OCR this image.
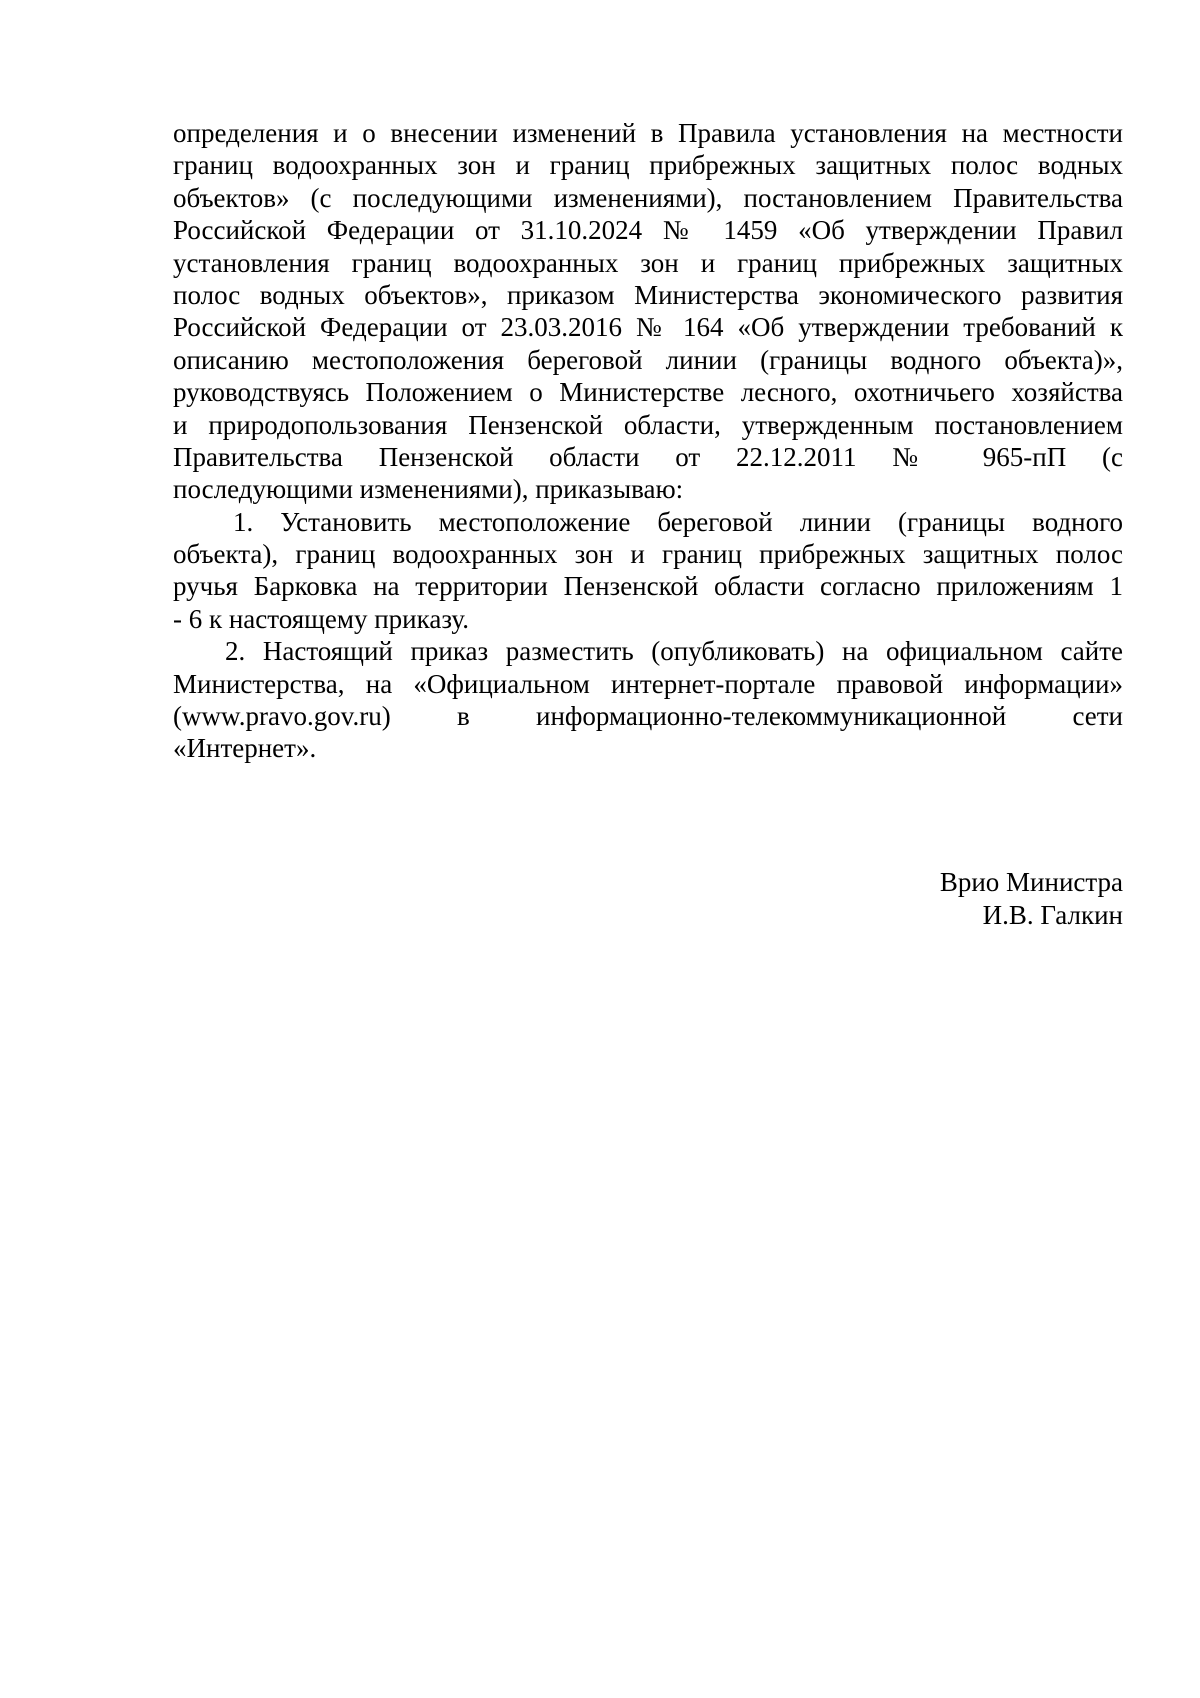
определения и о внесении изменений в Правила установления на местности
границ водоохранных зон и границ прибрежных защитных полос водных
объектов» (с последующими изменениями), постановлением Правительства
Российской Федерации от 31.10.2024 № 1459 «Об утверждении Правил
установления границ водоохранных зон и границ прибрежных защитных
полос водных объектов», приказом Министерства экономического развития
Российской Федерации от 23.03.2016 № 164 «Об утверждении требований к
описанию местоположения береговой линии (границы водного объекта)»,
руководствуясь Положением о Министерстве лесного, охотничьего хозяйства
и природопользования Пензенской области, утвержденным постановлением
Правительства Пензенской области от 22.12.2011 № 965-пП (с
последующими изменениями), приказываю:

1. Установить местоположение береговой линии (границы водного
объекта), границ водоохранных зон и границ прибрежных защитных полос
ручья Барковка на территории Пензенской области согласно приложениям 1
- 6 к настоящему приказу.

2. Настоящий приказ разместить (опубликовать) на официальном сайте
Министерства, на «Официальном интернет-портале правовой информации»
(www.pravo.gov.ru) в информационно-телекоммуникационной сети
«Интернет».

Врио Министра
И.В. Галкин
